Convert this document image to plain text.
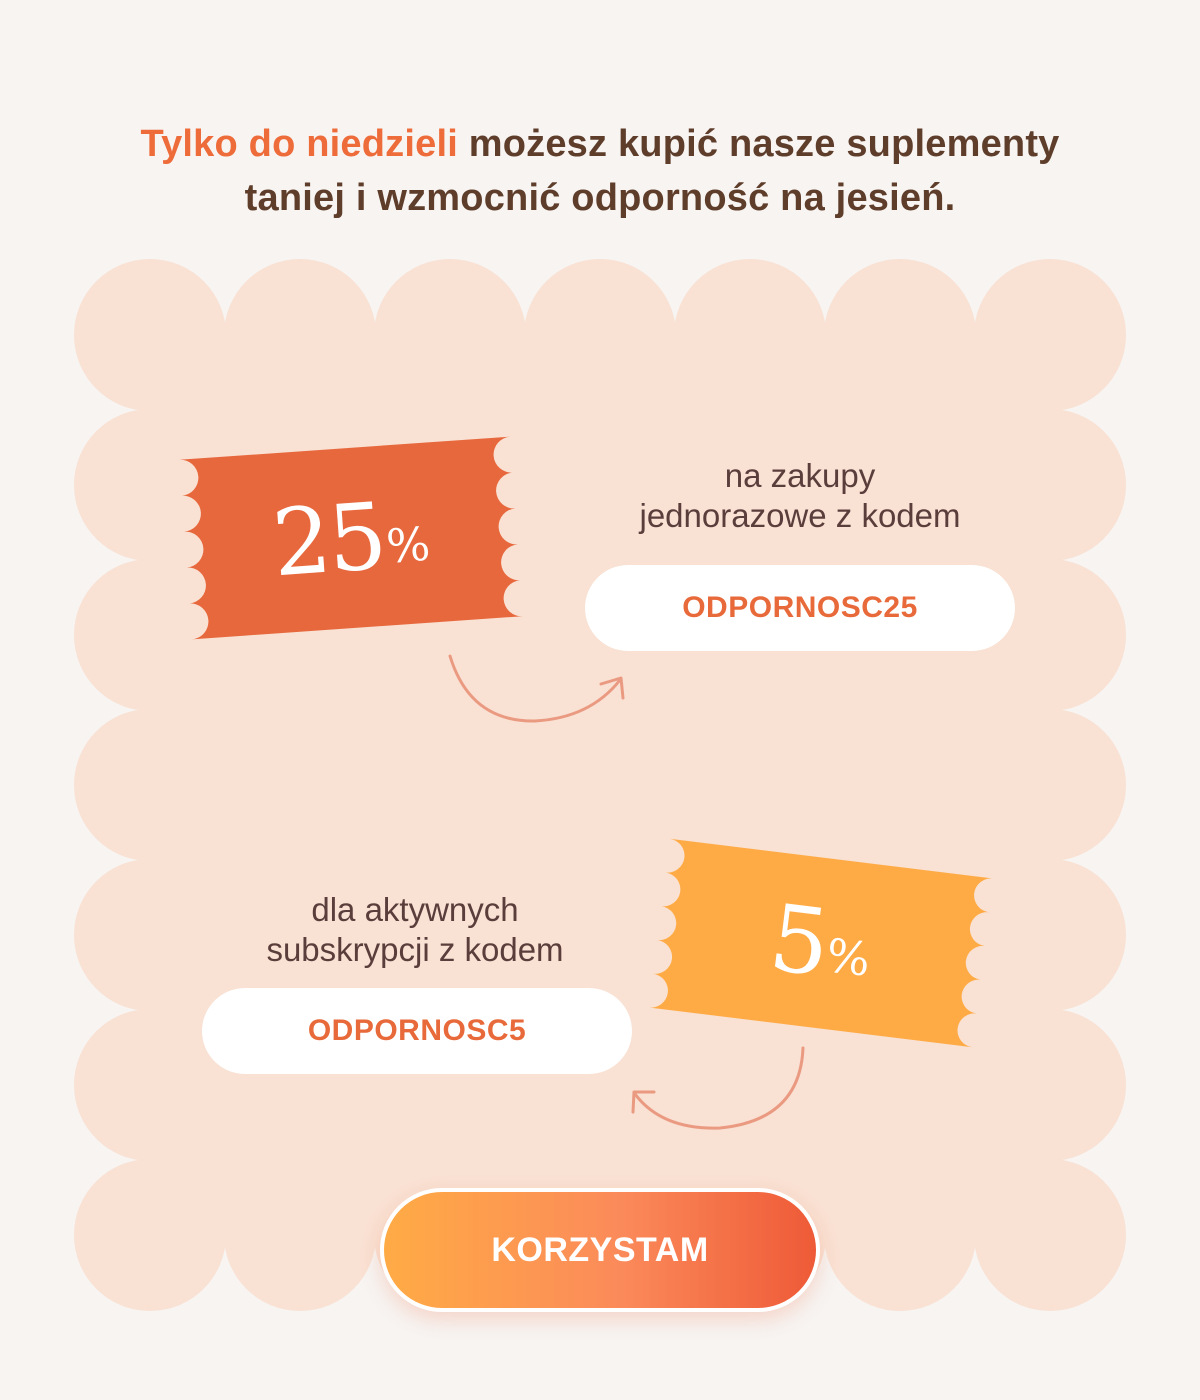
Tylko do niedzieli możesz kupić nasze suplementy
taniej i wzmocnić odporność na jesień.
25
%
na zakupy
jednorazowe z kodem
ODPORNOSC25
dla aktywnych
subskrypcji z kodem
ODPORNOSC5
5
%
KORZYSTAM
